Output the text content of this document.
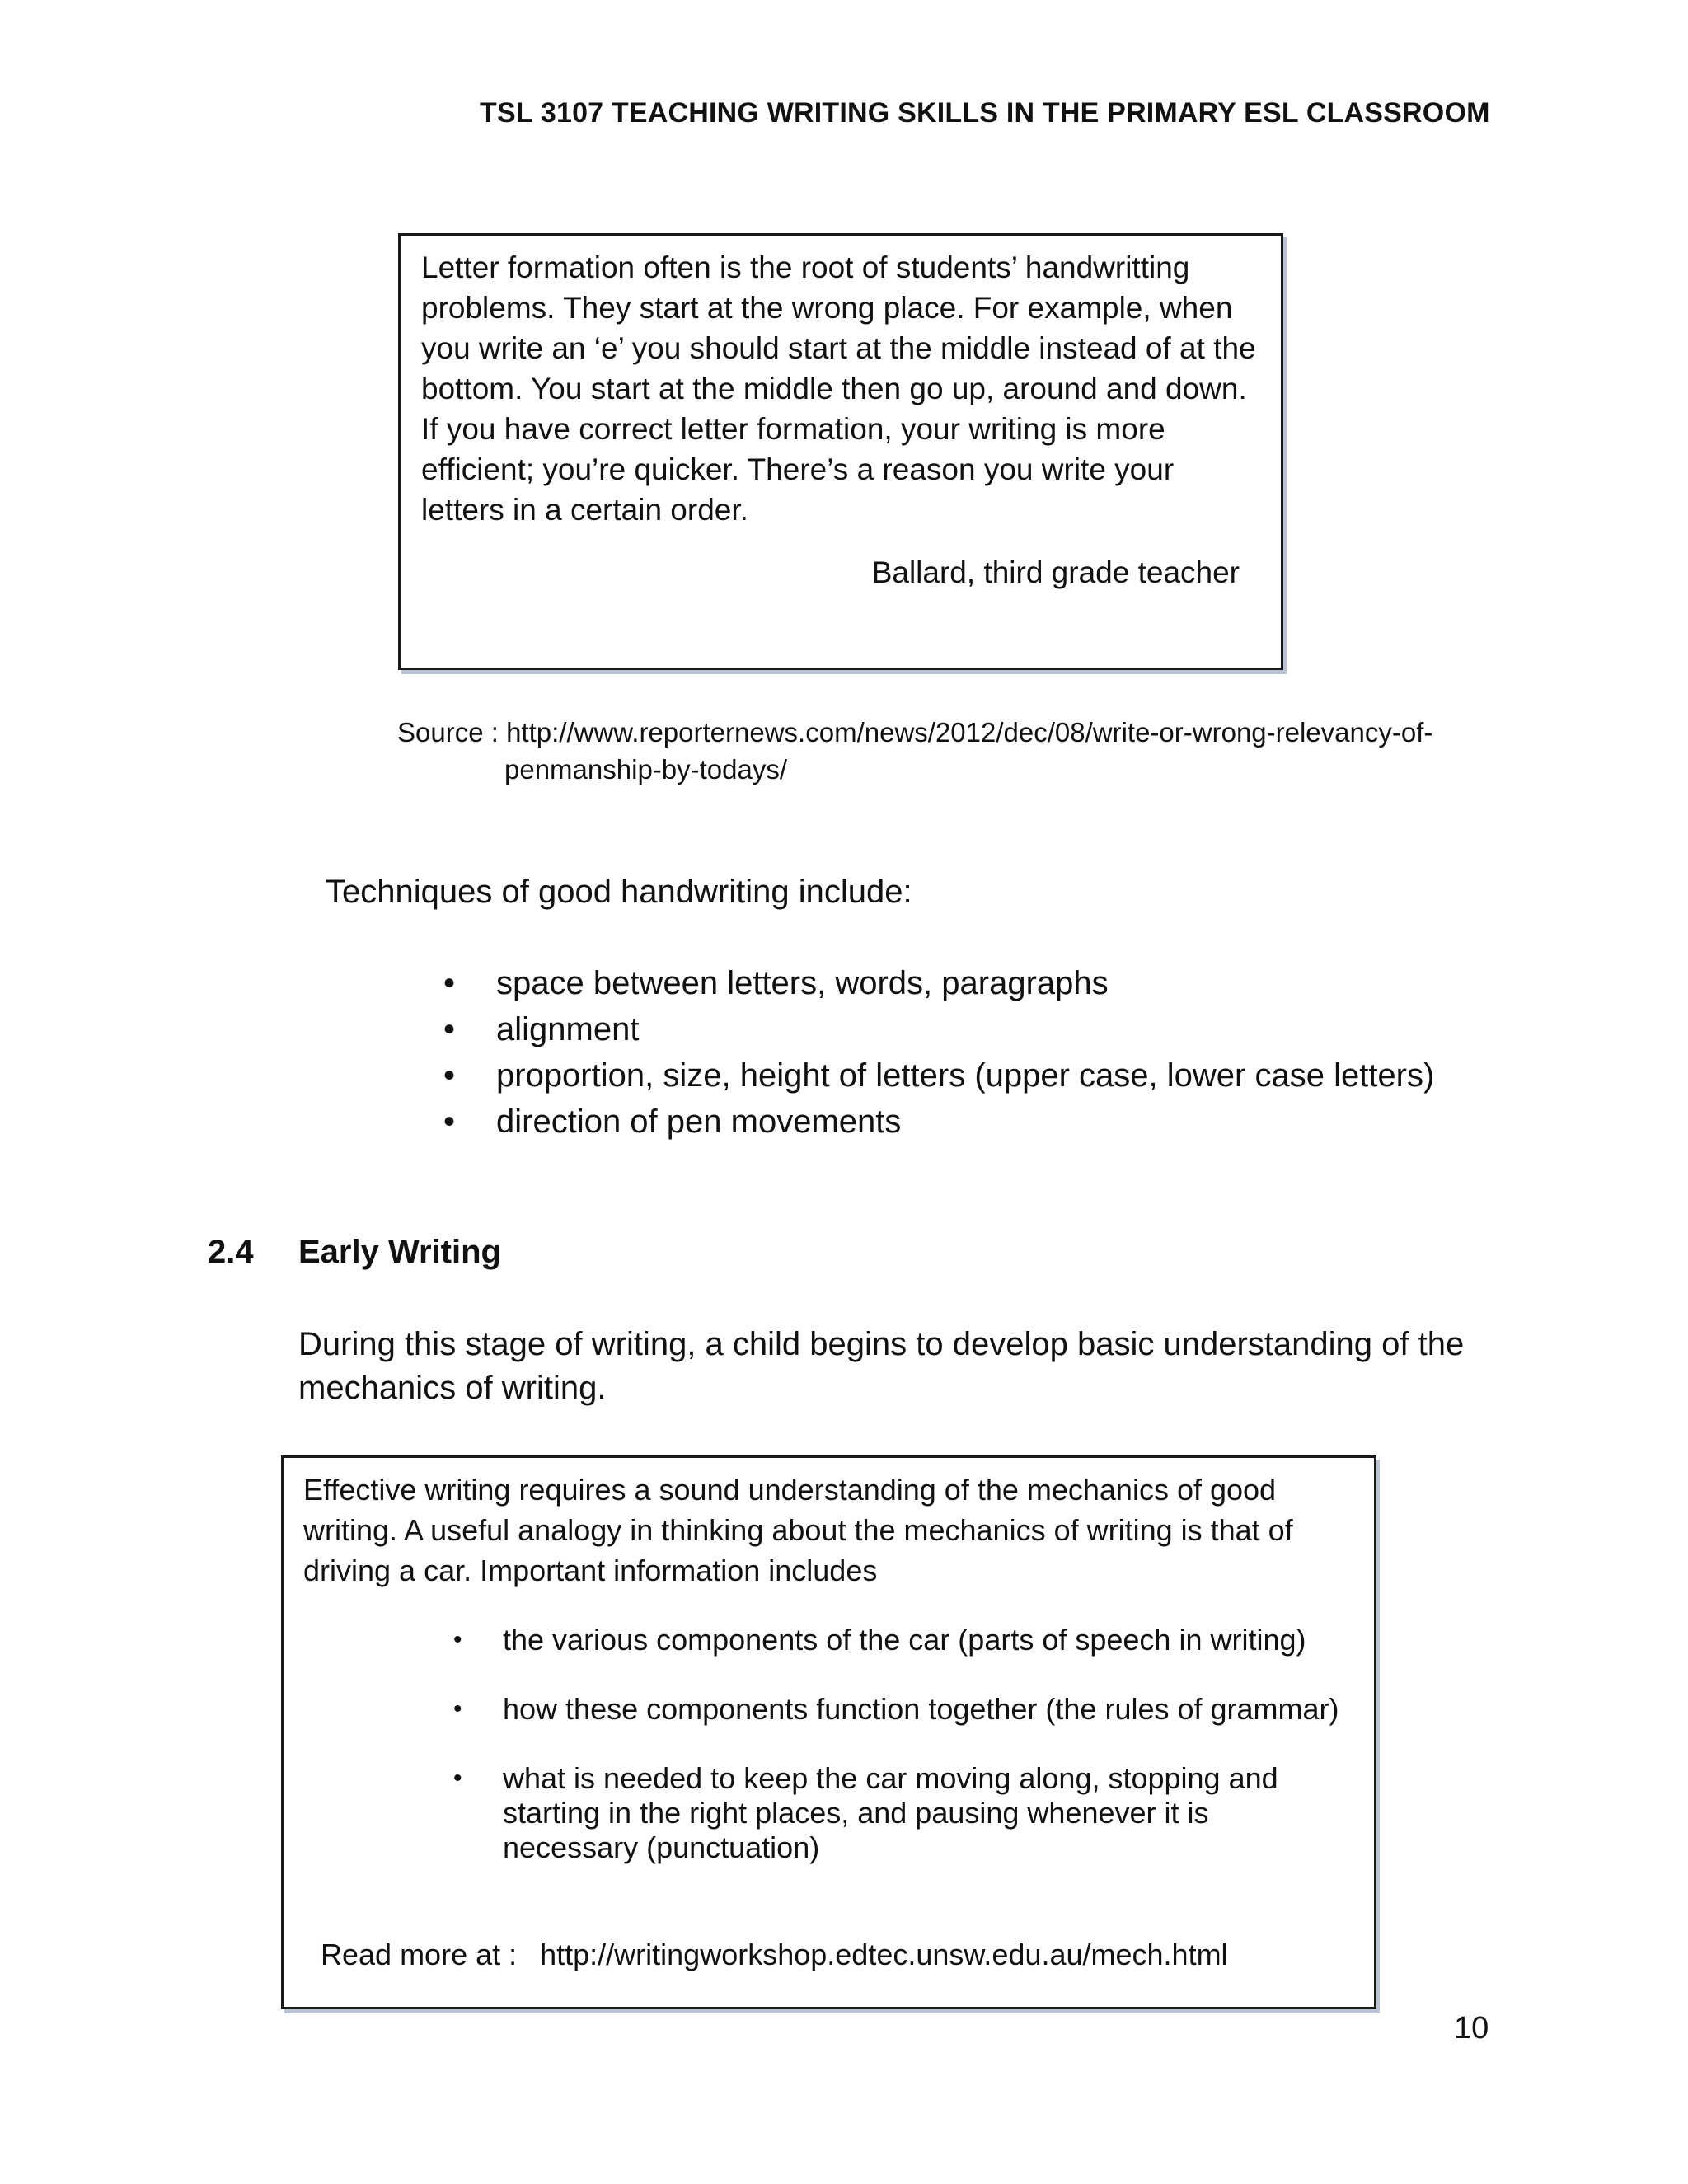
TSL 3107 TEACHING WRITING SKILLS IN THE PRIMARY ESL CLASSROOM

Letter formation often is the root of students’ handwritting problems. They start at the wrong place. For example, when you write an ‘e’ you should start at the middle instead of at the bottom. You start at the middle then go up, around and down. If you have correct letter formation, your writing is more efficient; you’re quicker. There’s a reason you write your letters in a certain order.

Ballard, third grade teacher
Source : http://www.reporternews.com/news/2012/dec/08/write-or-wrong-relevancy-of-
penmanship-by-todays/
Techniques of good handwriting include:
• space between letters, words, paragraphs
• alignment
• proportion, size, height of letters (upper case, lower case letters)
• direction of pen movements
2.4 Early Writing

During this stage of writing, a child begins to develop basic understanding of the mechanics of writing.

Effective writing requires a sound understanding of the mechanics of good writing. A useful analogy in thinking about the mechanics of writing is that of driving a car. Important information includes

• the various components of the car (parts of speech in writing)
• how these components function together (the rules of grammar)
• what is needed to keep the car moving along, stopping and starting in the right places, and pausing whenever it is necessary (punctuation)
Read more at : http://writingworkshop.edtec.unsw.edu.au/mech.html
10
